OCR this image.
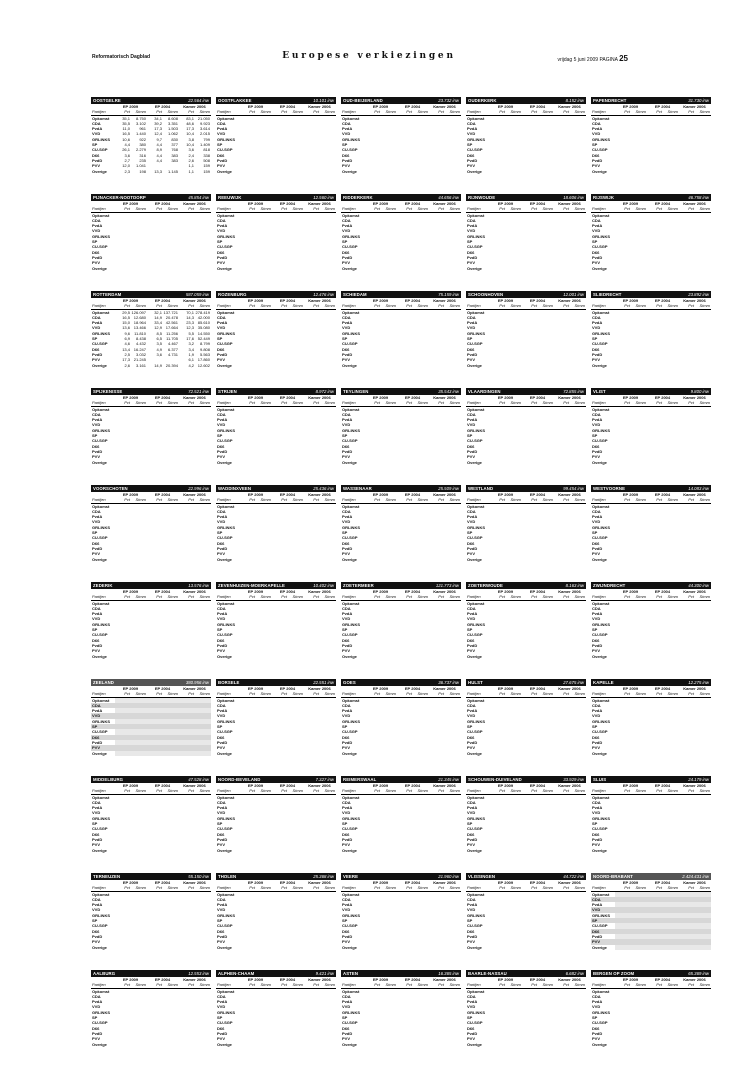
Reformatorisch Dagblad	Europese verkiezingen	vrijdag 5 juni 2009 PAGINA 25
OOSTGELRE	22.564 inw
	EP 2009		EP 2004		Kamer 2006	
Partijen	Pct	Stmm	Pct	Stmm	Pct	Stmm
Opkomst	35,1	8.750	34,1	8.608	83,1	21.050
CDA	35,5	3.102	39,2	3.351	48,6	9.923
PvdA	11,0	961	17,3	1.503	17,3	3.614
VVD	16,5	1.440	12,4	1.062	10,4	2.015
GRLINKS	10,6	922	9,7	830	3,8	799
SP	4,4	380	4,4	377	10,4	1.409
CU-SGP	26,1	2.279	8,9	768	3,6	818
D66	3,6	316	4,4	383	2,4	338
PvdD	2,7	235	4,4	383	2,6	508
PVV	12,0	1.041			1,1	159
Overige	2,3	198	13,3	1.145	1,1	159
OOSTFLAKKEE	10.101 inw
	EP 2009		EP 2004		Kamer 2006	
Partijen	Pct	Stmm	Pct	Stmm	Pct	Stmm
Opkomst						
CDA						
PvdA						
VVD						
GRLINKS						
SP						
CU-SGP						
D66						
PvdD						
PVV						
Overige						
OUD-BEIJERLAND	23.732 inw
	EP 2009		EP 2004		Kamer 2006	
Partijen	Pct	Stmm	Pct	Stmm	Pct	Stmm
Opkomst						
CDA						
PvdA						
VVD						
GRLINKS						
SP						
CU-SGP						
D66						
PvdD						
PVV						
Overige						
OUDERKERK	8.152 inw
	EP 2009		EP 2004		Kamer 2006	
Partijen	Pct	Stmm	Pct	Stmm	Pct	Stmm
Opkomst						
CDA						
PvdA						
VVD						
GRLINKS						
SP						
CU-SGP						
D66						
PvdD						
PVV						
Overige						
PAPENDRECHT	31.730 inw
	EP 2009		EP 2004		Kamer 2006	
Partijen	Pct	Stmm	Pct	Stmm	Pct	Stmm
Opkomst						
CDA						
PvdA						
VVD						
GRLINKS						
SP						
CU-SGP						
D66						
PvdD						
PVV						
Overige						
PIJNACKER-NOOTDORP	45.854 inw
	EP 2009		EP 2004		Kamer 2006	
Partijen	Pct	Stmm	Pct	Stmm	Pct	Stmm
Opkomst						
CDA						
PvdA						
VVD						
GRLINKS						
SP						
CU-SGP						
D66						
PvdD						
PVV						
Overige						
REEUWIJK	12.560 inw
	EP 2009		EP 2004		Kamer 2006	
Partijen	Pct	Stmm	Pct	Stmm	Pct	Stmm
Opkomst						
CDA						
PvdA						
VVD						
GRLINKS						
SP						
CU-SGP						
D66						
PvdD						
PVV						
Overige						
RIDDERKERK	44.656 inw
	EP 2009		EP 2004		Kamer 2006	
Partijen	Pct	Stmm	Pct	Stmm	Pct	Stmm
Opkomst						
CDA						
PvdA						
VVD						
GRLINKS						
SP						
CU-SGP						
D66						
PvdD						
PVV						
Overige						
RIJNWOUDE	18.606 inw
	EP 2009		EP 2004		Kamer 2006	
Partijen	Pct	Stmm	Pct	Stmm	Pct	Stmm
Opkomst						
CDA						
PvdA						
VVD						
GRLINKS						
SP						
CU-SGP						
D66						
PvdD						
PVV						
Overige						
RIJSWIJK	46.758 inw
	EP 2009		EP 2004		Kamer 2006	
Partijen	Pct	Stmm	Pct	Stmm	Pct	Stmm
Opkomst						
CDA						
PvdA						
VVD						
GRLINKS						
SP						
CU-SGP						
D66						
PvdD						
PVV						
Overige						
ROTTERDAM	587.059 inw
	EP 2009		EP 2004		Kamer 2006	
Partijen	Pct	Stmm	Pct	Stmm	Pct	Stmm
Opkomst	29,5	126.097	32,1	137.721	70,1	278.419
CDA	16,5	12.680	14,9	20.478	14,3	42.000
PvdA	15,0	18.964	33,4	42.561	23,3	85.610
VVD	13,6	13.466	12,9	17.664	12,3	35.080
GRLINKS	9,6	11.810	8,5	11.256	5,5	14.550
SP	6,9	8.438	6,5	11.705	17,6	52.449
CU-SGP	4,6	4.432	3,5	4.467	3,2	8.799
D66	13,4	16.247	4,9	6.377	3,4	9.808
PvdD	2,5	3.032	3,6	4.731	1,9	5.563
PVV	17,3	21.245			6,1	17.860
Overige	2,6	3.161	14,9	20.394	4,2	12.602
ROZENBURG	12.476 inw
	EP 2009		EP 2004		Kamer 2006	
Partijen	Pct	Stmm	Pct	Stmm	Pct	Stmm
Opkomst						
CDA						
PvdA						
VVD						
GRLINKS						
SP						
CU-SGP						
D66						
PvdD						
PVV						
Overige						
SCHIEDAM	75.159 inw
	EP 2009		EP 2004		Kamer 2006	
Partijen	Pct	Stmm	Pct	Stmm	Pct	Stmm
Opkomst						
CDA						
PvdA						
VVD						
GRLINKS						
SP						
CU-SGP						
D66						
PvdD						
PVV						
Overige						
SCHOONHOVEN	12.001 inw
	EP 2009		EP 2004		Kamer 2006	
Partijen	Pct	Stmm	Pct	Stmm	Pct	Stmm
Opkomst						
CDA						
PvdA						
VVD						
GRLINKS						
SP						
CU-SGP						
D66						
PvdD						
PVV						
Overige						
SLIEDRECHT	23.892 inw
	EP 2009		EP 2004		Kamer 2006	
Partijen	Pct	Stmm	Pct	Stmm	Pct	Stmm
Opkomst						
CDA						
PvdA						
VVD						
GRLINKS						
SP						
CU-SGP						
D66						
PvdD						
PVV						
Overige						
SPIJKENISSE	72.521 inw
	EP 2009		EP 2004		Kamer 2006	
Partijen	Pct	Stmm	Pct	Stmm	Pct	Stmm
Opkomst						
CDA						
PvdA						
VVD						
GRLINKS						
SP						
CU-SGP						
D66						
PvdD						
PVV						
Overige						
STRIJEN	8.972 inw
	EP 2009		EP 2004		Kamer 2006	
Partijen	Pct	Stmm	Pct	Stmm	Pct	Stmm
Opkomst						
CDA						
PvdA						
VVD						
GRLINKS						
SP						
CU-SGP						
D66						
PvdD						
PVV						
Overige						
TEYLINGEN	35.543 inw
	EP 2009		EP 2004		Kamer 2006	
Partijen	Pct	Stmm	Pct	Stmm	Pct	Stmm
Opkomst						
CDA						
PvdA						
VVD						
GRLINKS						
SP						
CU-SGP						
D66						
PvdD						
PVV						
Overige						
VLAARDINGEN	72.855 inw
	EP 2009		EP 2004		Kamer 2006	
Partijen	Pct	Stmm	Pct	Stmm	Pct	Stmm
Opkomst						
CDA						
PvdA						
VVD						
GRLINKS						
SP						
CU-SGP						
D66						
PvdD						
PVV						
Overige						
VLIST	9.800 inw
	EP 2009		EP 2004		Kamer 2006	
Partijen	Pct	Stmm	Pct	Stmm	Pct	Stmm
Opkomst						
CDA						
PvdA						
VVD						
GRLINKS						
SP						
CU-SGP						
D66						
PvdD						
PVV						
Overige						
VOORSCHOTEN	22.996 inw
	EP 2009		EP 2004		Kamer 2006	
Partijen	Pct	Stmm	Pct	Stmm	Pct	Stmm
Opkomst						
CDA						
PvdA						
VVD						
GRLINKS						
SP						
CU-SGP						
D66						
PvdD						
PVV						
Overige						
WADDINXVEEN	25.436 inw
	EP 2009		EP 2004		Kamer 2006	
Partijen	Pct	Stmm	Pct	Stmm	Pct	Stmm
Opkomst						
CDA						
PvdA						
VVD						
GRLINKS						
SP						
CU-SGP						
D66						
PvdD						
PVV						
Overige						
WASSENAAR	25.509 inw
	EP 2009		EP 2004		Kamer 2006	
Partijen	Pct	Stmm	Pct	Stmm	Pct	Stmm
Opkomst						
CDA						
PvdA						
VVD						
GRLINKS						
SP						
CU-SGP						
D66						
PvdD						
PVV						
Overige						
WESTLAND	99.454 inw
	EP 2009		EP 2004		Kamer 2006	
Partijen	Pct	Stmm	Pct	Stmm	Pct	Stmm
Opkomst						
CDA						
PvdA						
VVD						
GRLINKS						
SP						
CU-SGP						
D66						
PvdD						
PVV						
Overige						
WESTVOORNE	14.083 inw
	EP 2009		EP 2004		Kamer 2006	
Partijen	Pct	Stmm	Pct	Stmm	Pct	Stmm
Opkomst						
CDA						
PvdA						
VVD						
GRLINKS						
SP						
CU-SGP						
D66						
PvdD						
PVV						
Overige						
ZEDERIK	13.576 inw
	EP 2009		EP 2004		Kamer 2006	
Partijen	Pct	Stmm	Pct	Stmm	Pct	Stmm
Opkomst						
CDA						
PvdA						
VVD						
GRLINKS						
SP						
CU-SGP						
D66						
PvdD						
PVV						
Overige						
ZEVENHUIZEN-MOERKAPELLE	10.402 inw
	EP 2009		EP 2004		Kamer 2006	
Partijen	Pct	Stmm	Pct	Stmm	Pct	Stmm
Opkomst						
CDA						
PvdA						
VVD						
GRLINKS						
SP						
CU-SGP						
D66						
PvdD						
PVV						
Overige						
ZOETERMEER	121.773 inw
	EP 2009		EP 2004		Kamer 2006	
Partijen	Pct	Stmm	Pct	Stmm	Pct	Stmm
Opkomst						
CDA						
PvdA						
VVD						
GRLINKS						
SP						
CU-SGP						
D66						
PvdD						
PVV						
Overige						
ZOETERWOUDE	8.163 inw
	EP 2009		EP 2004		Kamer 2006	
Partijen	Pct	Stmm	Pct	Stmm	Pct	Stmm
Opkomst						
CDA						
PvdA						
VVD						
GRLINKS						
SP						
CU-SGP						
D66						
PvdD						
PVV						
Overige						
ZWIJNDRECHT	44.300 inw
	EP 2009		EP 2004		Kamer 2006	
Partijen	Pct	Stmm	Pct	Stmm	Pct	Stmm
Opkomst						
CDA						
PvdA						
VVD						
GRLINKS						
SP						
CU-SGP						
D66						
PvdD						
PVV						
Overige						
ZEELAND	380.956 inw
	EP 2009		EP 2004		Kamer 2006	
Partijen	Pct	Stmm	Pct	Stmm	Pct	Stmm
Opkomst						
CDA						
PvdA						
VVD						
GRLINKS						
SP						
CU-SGP						
D66						
PvdD						
PVV						
Overige						
BORSELE	22.551 inw
	EP 2009		EP 2004		Kamer 2006	
Partijen	Pct	Stmm	Pct	Stmm	Pct	Stmm
Opkomst						
CDA						
PvdA						
VVD						
GRLINKS						
SP						
CU-SGP						
D66						
PvdD						
PVV						
Overige						
GOES	36.737 inw
	EP 2009		EP 2004		Kamer 2006	
Partijen	Pct	Stmm	Pct	Stmm	Pct	Stmm
Opkomst						
CDA						
PvdA						
VVD						
GRLINKS						
SP						
CU-SGP						
D66						
PvdD						
PVV						
Overige						
HULST	27.675 inw
	EP 2009		EP 2004		Kamer 2006	
Partijen	Pct	Stmm	Pct	Stmm	Pct	Stmm
Opkomst						
CDA						
PvdA						
VVD						
GRLINKS						
SP						
CU-SGP						
D66						
PvdD						
PVV						
Overige						
KAPELLE	12.275 inw
	EP 2009		EP 2004		Kamer 2006	
Partijen	Pct	Stmm	Pct	Stmm	Pct	Stmm
Opkomst						
CDA						
PvdA						
VVD						
GRLINKS						
SP						
CU-SGP						
D66						
PvdD						
PVV						
Overige						
MIDDELBURG	47.528 inw
	EP 2009		EP 2004		Kamer 2006	
Partijen	Pct	Stmm	Pct	Stmm	Pct	Stmm
Opkomst						
CDA						
PvdA						
VVD						
GRLINKS						
SP						
CU-SGP						
D66						
PvdD						
PVV						
Overige						
NOORD-BEVELAND	7.327 inw
	EP 2009		EP 2004		Kamer 2006	
Partijen	Pct	Stmm	Pct	Stmm	Pct	Stmm
Opkomst						
CDA						
PvdA						
VVD						
GRLINKS						
SP						
CU-SGP						
D66						
PvdD						
PVV						
Overige						
REIMERSWAAL	21.345 inw
	EP 2009		EP 2004		Kamer 2006	
Partijen	Pct	Stmm	Pct	Stmm	Pct	Stmm
Opkomst						
CDA						
PvdA						
VVD						
GRLINKS						
SP						
CU-SGP						
D66						
PvdD						
PVV						
Overige						
SCHOUWEN-DUIVELAND	33.929 inw
	EP 2009		EP 2004		Kamer 2006	
Partijen	Pct	Stmm	Pct	Stmm	Pct	Stmm
Opkomst						
CDA						
PvdA						
VVD						
GRLINKS						
SP						
CU-SGP						
D66						
PvdD						
PVV						
Overige						
SLUIS	24.179 inw
	EP 2009		EP 2004		Kamer 2006	
Partijen	Pct	Stmm	Pct	Stmm	Pct	Stmm
Opkomst						
CDA						
PvdA						
VVD						
GRLINKS						
SP						
CU-SGP						
D66						
PvdD						
PVV						
Overige						
TERNEUZEN	55.150 inw
	EP 2009		EP 2004		Kamer 2006	
Partijen	Pct	Stmm	Pct	Stmm	Pct	Stmm
Opkomst						
CDA						
PvdA						
VVD						
GRLINKS						
SP						
CU-SGP						
D66						
PvdD						
PVV						
Overige						
THOLEN	25.368 inw
	EP 2009		EP 2004		Kamer 2006	
Partijen	Pct	Stmm	Pct	Stmm	Pct	Stmm
Opkomst						
CDA						
PvdA						
VVD						
GRLINKS						
SP						
CU-SGP						
D66						
PvdD						
PVV						
Overige						
VEERE	21.960 inw
	EP 2009		EP 2004		Kamer 2006	
Partijen	Pct	Stmm	Pct	Stmm	Pct	Stmm
Opkomst						
CDA						
PvdA						
VVD						
GRLINKS						
SP						
CU-SGP						
D66						
PvdD						
PVV						
Overige						
VLISSINGEN	44.722 inw
	EP 2009		EP 2004		Kamer 2006	
Partijen	Pct	Stmm	Pct	Stmm	Pct	Stmm
Opkomst						
CDA						
PvdA						
VVD						
GRLINKS						
SP						
CU-SGP						
D66						
PvdD						
PVV						
Overige						
NOORD-BRABANT	2.424.431 inw
	EP 2009		EP 2004		Kamer 2006	
Partijen	Pct	Stmm	Pct	Stmm	Pct	Stmm
Opkomst						
CDA						
PvdA						
VVD						
GRLINKS						
SP						
CU-SGP						
D66						
PvdD						
PVV						
Overige						
AALBURG	12.553 inw
	EP 2009		EP 2004		Kamer 2006	
Partijen	Pct	Stmm	Pct	Stmm	Pct	Stmm
Opkomst						
CDA						
PvdA						
VVD						
GRLINKS						
SP						
CU-SGP						
D66						
PvdD						
PVV						
Overige						
ALPHEN-CHAAM	9.421 inw
	EP 2009		EP 2004		Kamer 2006	
Partijen	Pct	Stmm	Pct	Stmm	Pct	Stmm
Opkomst						
CDA						
PvdA						
VVD						
GRLINKS						
SP						
CU-SGP						
D66						
PvdD						
PVV						
Overige						
ASTEN	16.365 inw
	EP 2009		EP 2004		Kamer 2006	
Partijen	Pct	Stmm	Pct	Stmm	Pct	Stmm
Opkomst						
CDA						
PvdA						
VVD						
GRLINKS						
SP						
CU-SGP						
D66						
PvdD						
PVV						
Overige						
BAARLE-NASSAU	6.682 inw
	EP 2009		EP 2004		Kamer 2006	
Partijen	Pct	Stmm	Pct	Stmm	Pct	Stmm
Opkomst						
CDA						
PvdA						
VVD						
GRLINKS						
SP						
CU-SGP						
D66						
PvdD						
PVV						
Overige						
BERGEN OP ZOOM	65.369 inw
	EP 2009		EP 2004		Kamer 2006	
Partijen	Pct	Stmm	Pct	Stmm	Pct	Stmm
Opkomst						
CDA						
PvdA						
VVD						
GRLINKS						
SP						
CU-SGP						
D66						
PvdD						
PVV						
Overige						
